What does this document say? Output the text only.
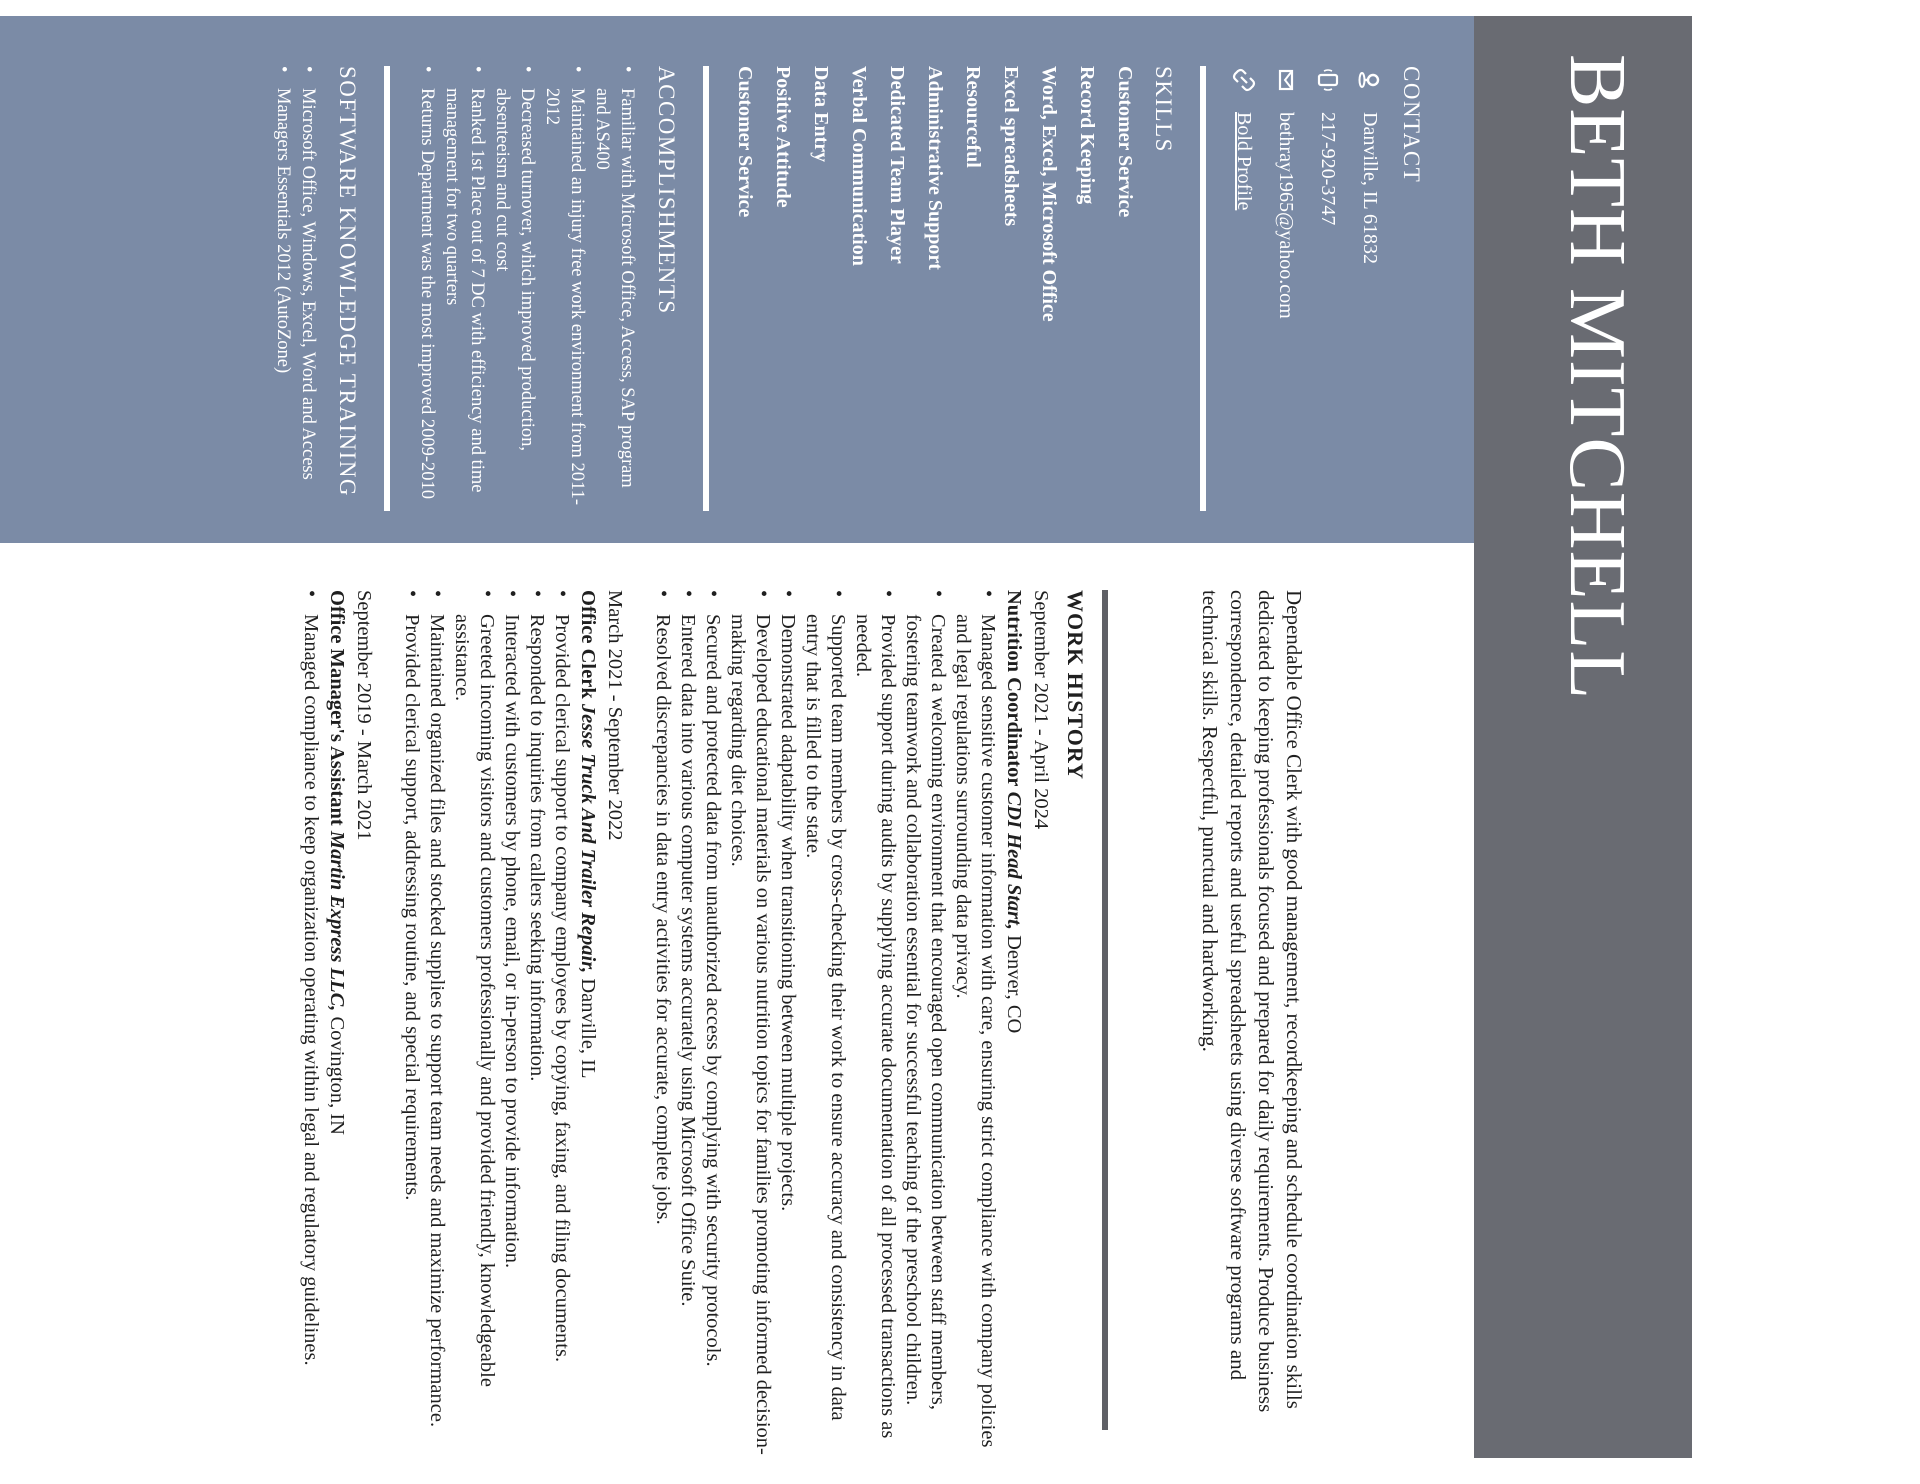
BETH MITCHELL
CONTACT
Danville, IL 61832
217-920-3747
bethray1965@yahoo.com
Bold Profile
SKILLS
Customer Service
Record Keeping
Word, Excel, Microsoft Office
Excel spreadsheets
Resourceful
Administrative Support
Dedicated Team Player
Verbal Communication
Data Entry
Positive Attitude
Customer Service
ACCOMPLISHMENTS
• Familiar with Microsoft Office, Access, SAP program and AS400
• Maintained an injury free work environment from 2011-2012
• Decreased turnover, which improved production, absenteeism and cut cost
• Ranked 1st Place out of 7 DC with efficiency and time management for two quarters
• Returns Department was the most improved 2009-2010
SOFTWARE KNOWLEDGE TRAINING
• Microsoft Office, Windows, Excel, Word and Access
• Managers Essentials 2012 (AutoZone)

Dependable Office Clerk with good management, recordkeeping and schedule coordination skills dedicated to keeping professionals focused and prepared for daily requirements. Produce business correspondence, detailed reports and useful spreadsheets using diverse software programs and technical skills. Respectful, punctual and hardworking.

WORK HISTORY

September 2021 - April 2024

Nutrition Coordinator CDI Head Start, Denver, CO

• Managed sensitive customer information with care, ensuring strict compliance with company policies and legal regulations surrounding data privacy.
• Created a welcoming environment that encouraged open communication between staff members, fostering teamwork and collaboration essential for successful teaching of the preschool children.
• Provided support during audits by supplying accurate documentation of all processed transactions as needed.
• Supported team members by cross-checking their work to ensure accuracy and consistency in data entry that is filled to the state.
• Demonstrated adaptability when transitioning between multiple projects.
• Developed educational materials on various nutrition topics for families promoting informed decision-making regarding diet choices.
• Secured and protected data from unauthorized access by complying with security protocols.
• Entered data into various computer systems accurately using Microsoft Office Suite.
• Resolved discrepancies in data entry activities for accurate, complete jobs.

March 2021 - September 2022

Office Clerk Jesse Truck And Trailer Repair, Danville, IL

• Provided clerical support to company employees by copying, faxing, and filing documents.
• Responded to inquiries from callers seeking information.
• Interacted with customers by phone, email, or in-person to provide information.
• Greeted incoming visitors and customers professionally and provided friendly, knowledgeable assistance.
• Maintained organized files and stocked supplies to support team needs and maximize performance.
• Provided clerical support, addressing routine, and special requirements.

September 2019 - March 2021

Office Manager's Assistant Martin Express LLC, Covington, IN

• Managed compliance to keep organization operating within legal and regulatory guidelines.
